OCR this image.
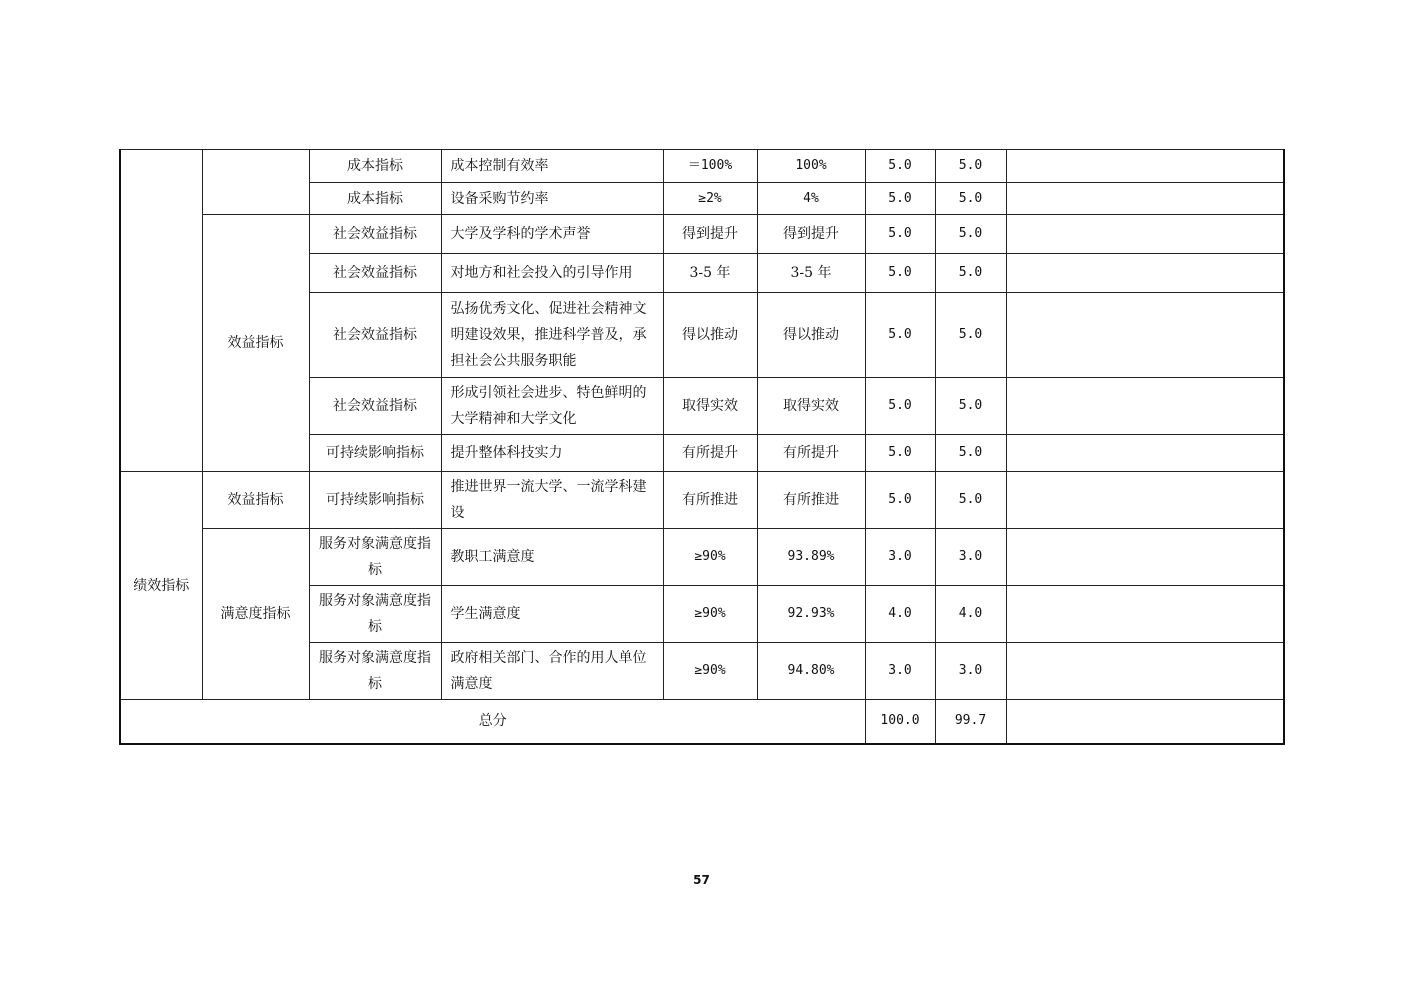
		成本指标	成本控制有效率	＝100%	100%	5.0	5.0	
		成本指标	设备采购节约率	≥2%	4%	5.0	5.0	
	效益指标	社会效益指标	大学及学科的学术声誉	得到提升	得到提升	5.0	5.0	
		社会效益指标	对地方和社会投入的引导作用	3-5 年	3-5 年	5.0	5.0	
		社会效益指标	弘扬优秀文化、促进社会精神文明建设效果，推进科学普及，承担社会公共服务职能	得以推动	得以推动	5.0	5.0	
		社会效益指标	形成引领社会进步、特色鲜明的大学精神和大学文化	取得实效	取得实效	5.0	5.0	
		可持续影响指标	提升整体科技实力	有所提升	有所提升	5.0	5.0	
绩效指标	效益指标	可持续影响指标	推进世界一流大学、一流学科建设	有所推进	有所推进	5.0	5.0	
	满意度指标	服务对象满意度指标	教职工满意度	≥90%	93.89%	3.0	3.0	
		服务对象满意度指标	学生满意度	≥90%	92.93%	4.0	4.0	
		服务对象满意度指标	政府相关部门、合作的用人单位满意度	≥90%	94.80%	3.0	3.0	
总分						100.0	99.7	
57
